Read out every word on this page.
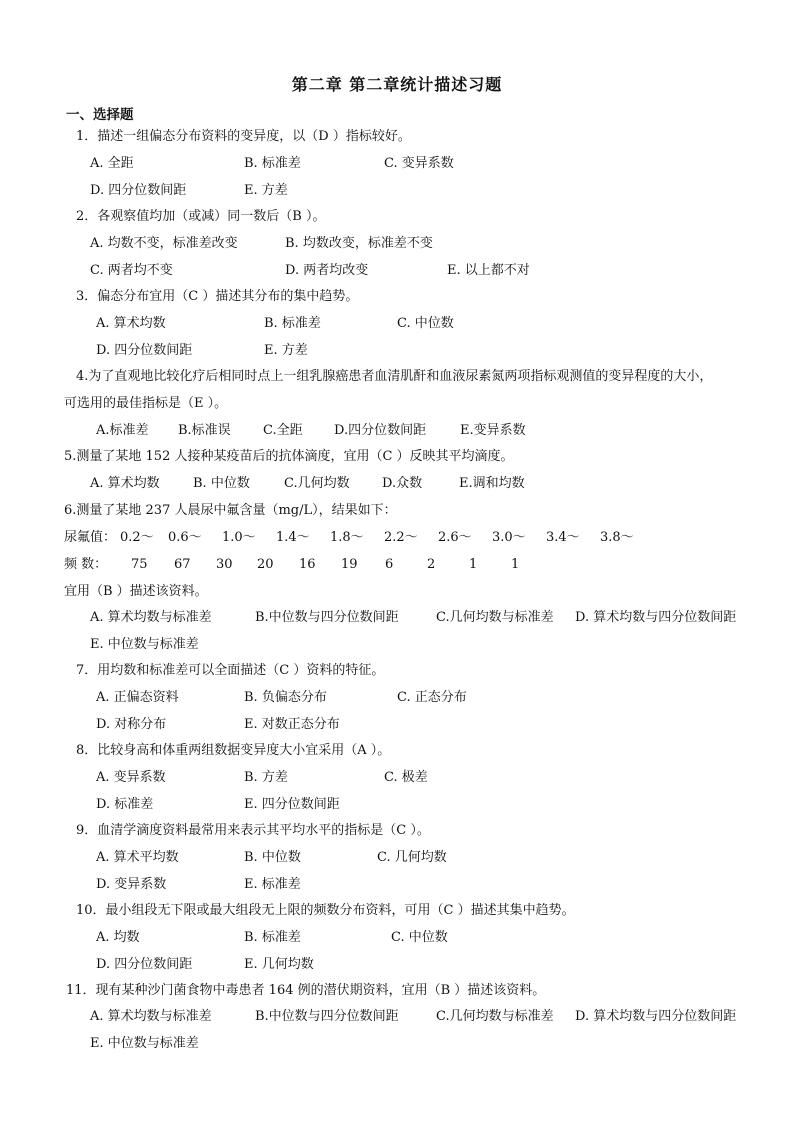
第二章 第二章统计描述习题
一、选择题
1．描述一组偏态分布资料的变异度，以（D ）指标较好。
A. 全距	B. 标准差	C. 变异系数
D. 四分位数间距	E. 方差
2．各观察值均加（或减）同一数后（B ）。
A. 均数不变，标准差改变	B. 均数改变，标准差不变
C. 两者均不变	D. 两者均改变	E. 以上都不对
3．偏态分布宜用（C ）描述其分布的集中趋势。
A. 算术均数	B. 标准差	C. 中位数
D. 四分位数间距	E. 方差
4.为了直观地比较化疗后相同时点上一组乳腺癌患者血清肌酐和血液尿素氮两项指标观测值的变异程度的大小，
可选用的最佳指标是（E ）。
A.标准差 B.标准误 C.全距 D.四分位数间距	E.变异系数
5.测量了某地 152 人接种某疫苗后的抗体滴度，宜用（C ）反映其平均滴度。
A. 算术均数	B. 中位数	C.几何均数 D.众数	E.调和均数
6.测量了某地 237 人晨尿中氟含量（mg/L），结果如下：
尿氟值： 0.2～ 0.6～ 1.0～ 1.4～ 1.8～ 2.2～ 2.6～ 3.0～ 3.4～ 3.8～
频 数： 75 67 30 20 16 19 6	2	1	1
宜用（B ）描述该资料。
A. 算术均数与标准差	B.中位数与四分位数间距	C.几何均数与标准差 D. 算术均数与四分位数间距
E. 中位数与标准差
7．用均数和标准差可以全面描述（C ）资料的特征。
A. 正偏态资料	B. 负偏态分布	C. 正态分布
D. 对称分布	E. 对数正态分布
8．比较身高和体重两组数据变异度大小宜采用（A ）。
A. 变异系数	B. 方差	C. 极差
D. 标准差	E. 四分位数间距
9．血清学滴度资料最常用来表示其平均水平的指标是（C ）。
A. 算术平均数	B. 中位数	C. 几何均数
D. 变异系数	E. 标准差
10．最小组段无下限或最大组段无上限的频数分布资料，可用（C ）描述其集中趋势。
A. 均数	B. 标准差	C. 中位数
D. 四分位数间距	E. 几何均数
11．现有某种沙门菌食物中毒患者 164 例的潜伏期资料，宜用（B ）描述该资料。
A. 算术均数与标准差	B.中位数与四分位数间距	C.几何均数与标准差 D. 算术均数与四分位数间距
E. 中位数与标准差
